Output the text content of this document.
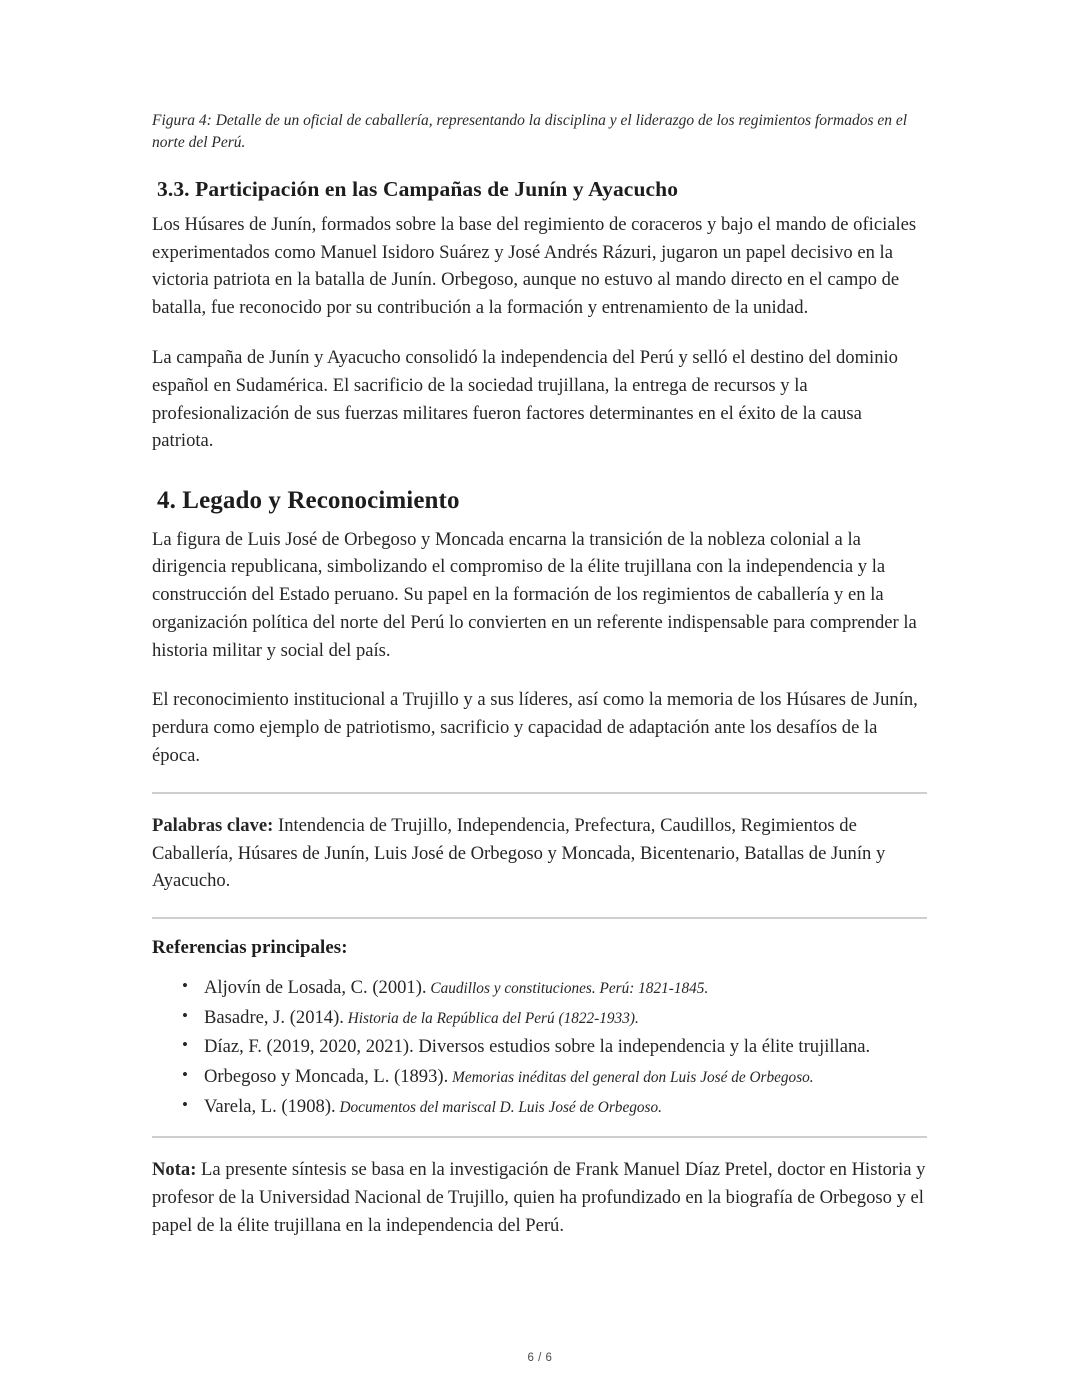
Figura 4: Detalle de un oficial de caballería, representando la disciplina y el liderazgo de los regimientos formados en el norte del Perú.

3.3. Participación en las Campañas de Junín y Ayacucho

Los Húsares de Junín, formados sobre la base del regimiento de coraceros y bajo el mando de oficiales experimentados como Manuel Isidoro Suárez y José Andrés Rázuri, jugaron un papel decisivo en la victoria patriota en la batalla de Junín. Orbegoso, aunque no estuvo al mando directo en el campo de batalla, fue reconocido por su contribución a la formación y entrenamiento de la unidad.

La campaña de Junín y Ayacucho consolidó la independencia del Perú y selló el destino del dominio español en Sudamérica. El sacrificio de la sociedad trujillana, la entrega de recursos y la profesionalización de sus fuerzas militares fueron factores determinantes en el éxito de la causa patriota.

4. Legado y Reconocimiento

La figura de Luis José de Orbegoso y Moncada encarna la transición de la nobleza colonial a la dirigencia republicana, simbolizando el compromiso de la élite trujillana con la independencia y la construcción del Estado peruano. Su papel en la formación de los regimientos de caballería y en la organización política del norte del Perú lo convierten en un referente indispensable para comprender la historia militar y social del país.

El reconocimiento institucional a Trujillo y a sus líderes, así como la memoria de los Húsares de Junín, perdura como ejemplo de patriotismo, sacrificio y capacidad de adaptación ante los desafíos de la época.

Palabras clave: Intendencia de Trujillo, Independencia, Prefectura, Caudillos, Regimientos de Caballería, Húsares de Junín, Luis José de Orbegoso y Moncada, Bicentenario, Batallas de Junín y Ayacucho.

Referencias principales:
• Aljovín de Losada, C. (2001). Caudillos y constituciones. Perú: 1821-1845.
• Basadre, J. (2014). Historia de la República del Perú (1822-1933).
• Díaz, F. (2019, 2020, 2021). Diversos estudios sobre la independencia y la élite trujillana.
• Orbegoso y Moncada, L. (1893). Memorias inéditas del general don Luis José de Orbegoso.
• Varela, L. (1908). Documentos del mariscal D. Luis José de Orbegoso.

Nota: La presente síntesis se basa en la investigación de Frank Manuel Díaz Pretel, doctor en Historia y profesor de la Universidad Nacional de Trujillo, quien ha profundizado en la biografía de Orbegoso y el papel de la élite trujillana en la independencia del Perú.

6 / 6
